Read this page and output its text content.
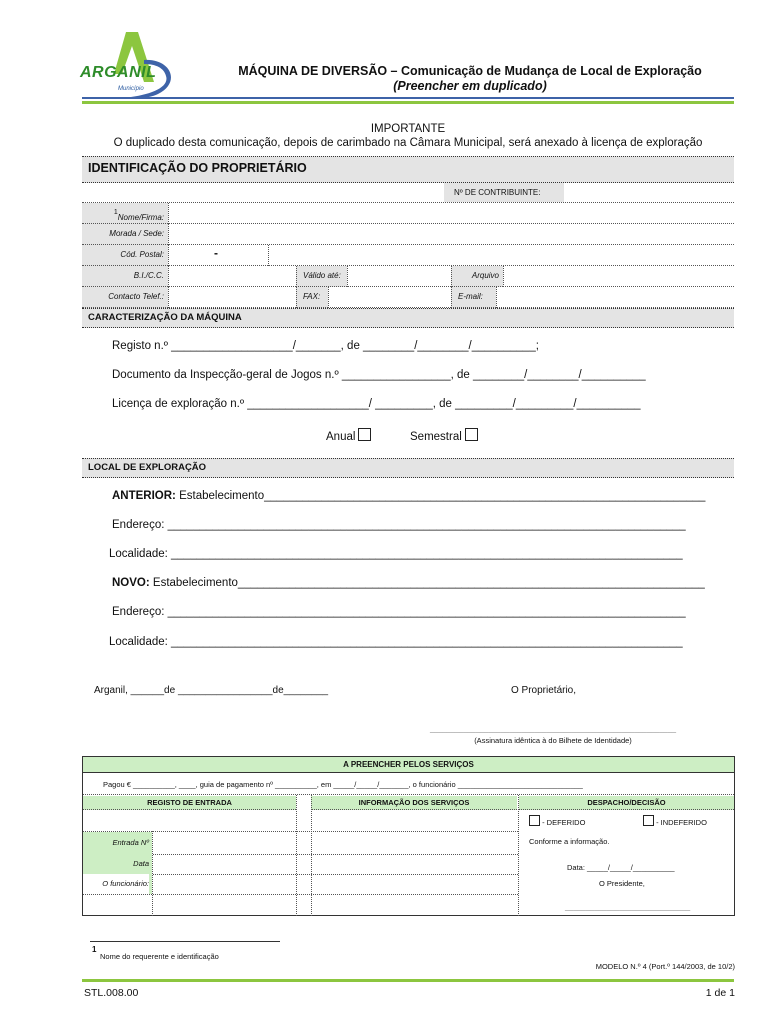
ARGANIL
Município
MÁQUINA DE DIVERSÃO – Comunicação de Mudança de Local de Exploração
(Preencher em duplicado)
IMPORTANTE
O duplicado desta comunicação, depois de carimbado na Câmara Municipal, será anexado à licença de exploração
IDENTIFICAÇÃO DO PROPRIETÁRIO
Nº DE CONTRIBUINTE:
$^1$Nome/Firma:
Morada / Sede:
Cód. Postal:	-
B.I./C.C.	Válido até:	Arquivo
Contacto Telef.:	FAX:	E-mail:
CARACTERIZAÇÃO DA MÁQUINA
Registo n.º ___________________/_______, de ________/________/__________;
Documento da Inspecção-geral de Jogos n.º _________________, de ________/________/__________
Licença de exploração n.º ___________________/ _________, de _________/_________/__________
Anual	Semestral
LOCAL DE EXPLORAÇÃO
ANTERIOR: Estabelecimento_____________________________________________________________________
Endereço: _________________________________________________________________________________
Localidade: ________________________________________________________________________________
NOVO: Estabelecimento_________________________________________________________________________
Endereço: _________________________________________________________________________________
Localidade: ________________________________________________________________________________
Arganil, ______de _________________de________	O Proprietário,
___________________________________________________________
(Assinatura idêntica à do Bilhete de Identidade)
A PREENCHER PELOS SERVIÇOS
Pagou € __________, ____, guia de pagamento nº __________, em _____/_____/_______, o funcionário ______________________________
REGISTO DE ENTRADA	INFORMAÇÃO DOS SERVIÇOS	DESPACHO/DECISÃO
Entrada Nº
Data
O funcionário:
- DEFERIDO	- INDEFERIDO
Conforme a informação.
Data: _____/_____/__________
O Presidente,
______________________________
1
Nome do requerente e identificação
MODELO N.º 4 (Port.º 144/2003, de 10/2)
STL.008.00	1 de 1
